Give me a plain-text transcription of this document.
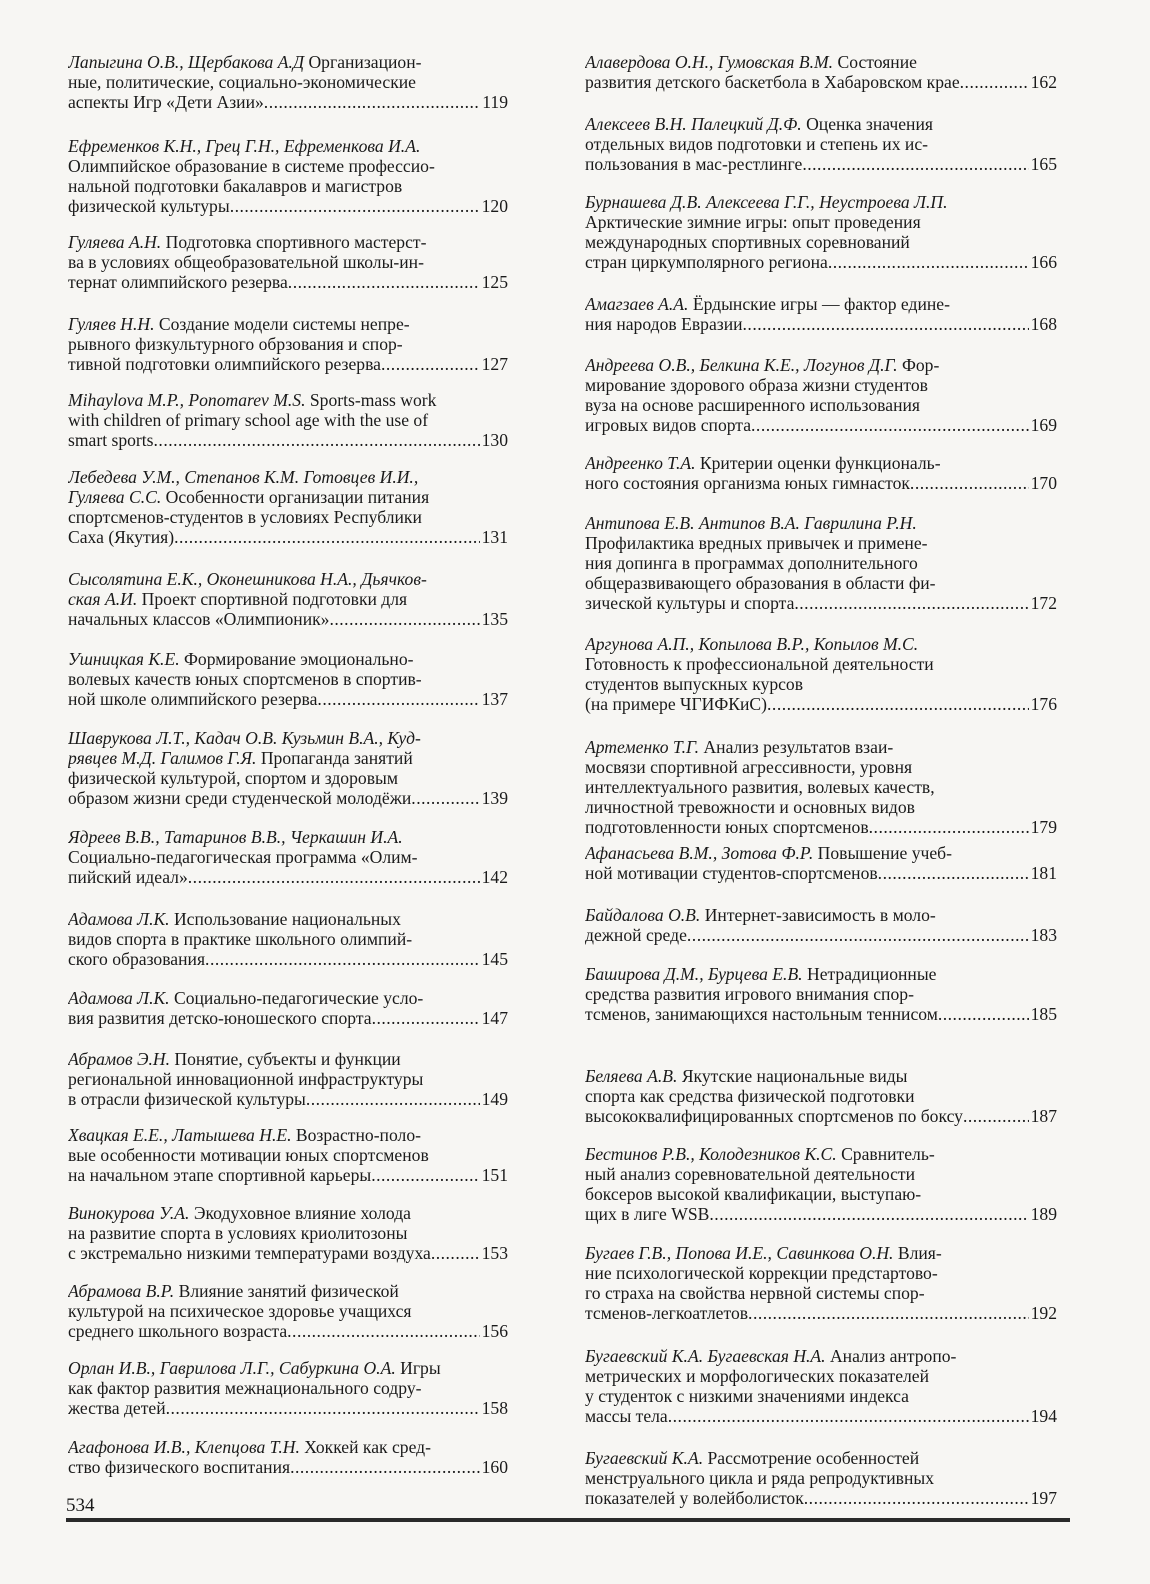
Лапыгина О.В., Щербакова А.Д Организацион-
ные, политические, социально-экономические
аспекты Игр «Дети Азии» .....	119
Ефременков К.Н., Грец Г.Н., Ефременкова И.А.
Олимпийское образование в системе профессио-
нальной подготовки бакалавров и магистров
физической культуры .....	120
Гуляева А.Н. Подготовка спортивного мастерст-
ва в условиях общеобразовательной школы-ин-
тернат олимпийского резерва .....	125
Гуляев Н.Н. Создание модели системы непре-
рывного физкультурного обрзования и спор-
тивной подготовки олимпийского резерва .....	127
Mihaylova M.P., Ponomarev M.S. Sports-mass work
with children of primary school age with the use of
smart sports .....	130
Лебедева У.М., Степанов К.М. Готовцев И.И.,
Гуляева С.С. Особенности организации питания
спортсменов-студентов в условиях Республики
Саха (Якутия) .....	131
Сысолятина Е.К., Оконешникова Н.А., Дьячков-
ская А.И. Проект спортивной подготовки для
начальных классов «Олимпионик» .....	135
Ушницкая К.Е. Формирование эмоционально-
волевых качеств юных спортсменов в спортив-
ной школе олимпийского резерва .....	137
Шаврукова Л.Т., Кадач О.В. Кузьмин В.А., Куд-
рявцев М.Д. Галимов Г.Я. Пропаганда занятий
физической культурой, спортом и здоровым
образом жизни среди студенческой молодёжи .....	139
Ядреев В.В., Татаринов В.В., Черкашин И.А.
Социально-педагогическая программа «Олим-
пийский идеал» .....	142
Адамова Л.К. Использование национальных
видов спорта в практике школьного олимпий-
ского образования .....	145
Адамова Л.К. Социально-педагогические усло-
вия развития детско-юношеского спорта .....	147
Абрамов Э.Н. Понятие, субъекты и функции
региональной инновационной инфраструктуры
в отрасли физической культуры .....	149
Хвацкая Е.Е., Латышева Н.Е. Возрастно-поло-
вые особенности мотивации юных спортсменов
на начальном этапе спортивной карьеры .....	151
Винокурова У.А. Экодуховное влияние холода
на развитие спорта в условиях криолитозоны
с экстремально низкими температурами воздуха .....	153
Абрамова В.Р. Влияние занятий физической
культурой на психическое здоровье учащихся
среднего школьного возраста .....	156
Орлан И.В., Гаврилова Л.Г., Сабуркина О.А. Игры
как фактор развития межнационального содру-
жества детей .....	158
Агафонова И.В., Клепцова Т.Н. Хоккей как сред-
ство физического воспитания .....	160
Алавердова О.Н., Гумовская В.М. Состояние
развития детского баскетбола в Хабаровском крае .....	162
Алексеев В.Н. Палецкий Д.Ф. Оценка значения
отдельных видов подготовки и степень их ис-
пользования в мас-рестлинге .....	165
Бурнашева Д.В. Алексеева Г.Г., Неустроева Л.П.
Арктические зимние игры: опыт проведения
международных спортивных соревнований
стран циркумполярного региона .....	166
Амагзаев А.А. Ёрдынские игры — фактор едине-
ния народов Евразии .....	168
Андреева О.В., Белкина К.Е., Логунов Д.Г. Фор-
мирование здорового образа жизни студентов
вуза на основе расширенного использования
игровых видов спорта .....	169
Андреенко Т.А. Критерии оценки функциональ-
ного состояния организма юных гимнасток .....	170
Антипова Е.В. Антипов В.А. Гаврилина Р.Н.
Профилактика вредных привычек и примене-
ния допинга в программах дополнительного
общеразвивающего образования в области фи-
зической культуры и спорта .....	172
Аргунова А.П., Копылова В.Р., Копылов М.С.
Готовность к профессиональной деятельности
студентов выпускных курсов
(на примере ЧГИФКиС) .....	176
Артеменко Т.Г. Анализ результатов взаи-
мосвязи спортивной агрессивности, уровня
интеллектуального развития, волевых качеств,
личностной тревожности и основных видов
подготовленности юных спортсменов .....	179
Афанасьева В.М., Зотова Ф.Р. Повышение учеб-
ной мотивации студентов-спортсменов .....	181
Байдалова О.В. Интернет-зависимость в моло-
дежной среде .....	183
Баширова Д.М., Бурцева Е.В. Нетрадиционные
средства развития игрового внимания спор-
тсменов, занимающихся настольным теннисом .....	185
Беляева А.В. Якутские национальные виды
спорта как средства физической подготовки
высококвалифицированных спортсменов по боксу .....	187
Бестинов Р.В., Колодезников К.С. Сравнитель-
ный анализ соревновательной деятельности
боксеров высокой квалификации, выступаю-
щих в лиге WSB .....	189
Бугаев Г.В., Попова И.Е., Савинкова О.Н. Влия-
ние психологической коррекции предстартово-
го страха на свойства нервной системы спор-
тсменов-легкоатлетов .....	192
Бугаевский К.А. Бугаевская Н.А. Анализ антропо-
метрических и морфологических показателей
у студенток с низкими значениями индекса
массы тела .....	194
Бугаевский К.А. Рассмотрение особенностей
менструального цикла и ряда репродуктивных
показателей у волейболисток .....	197
534
